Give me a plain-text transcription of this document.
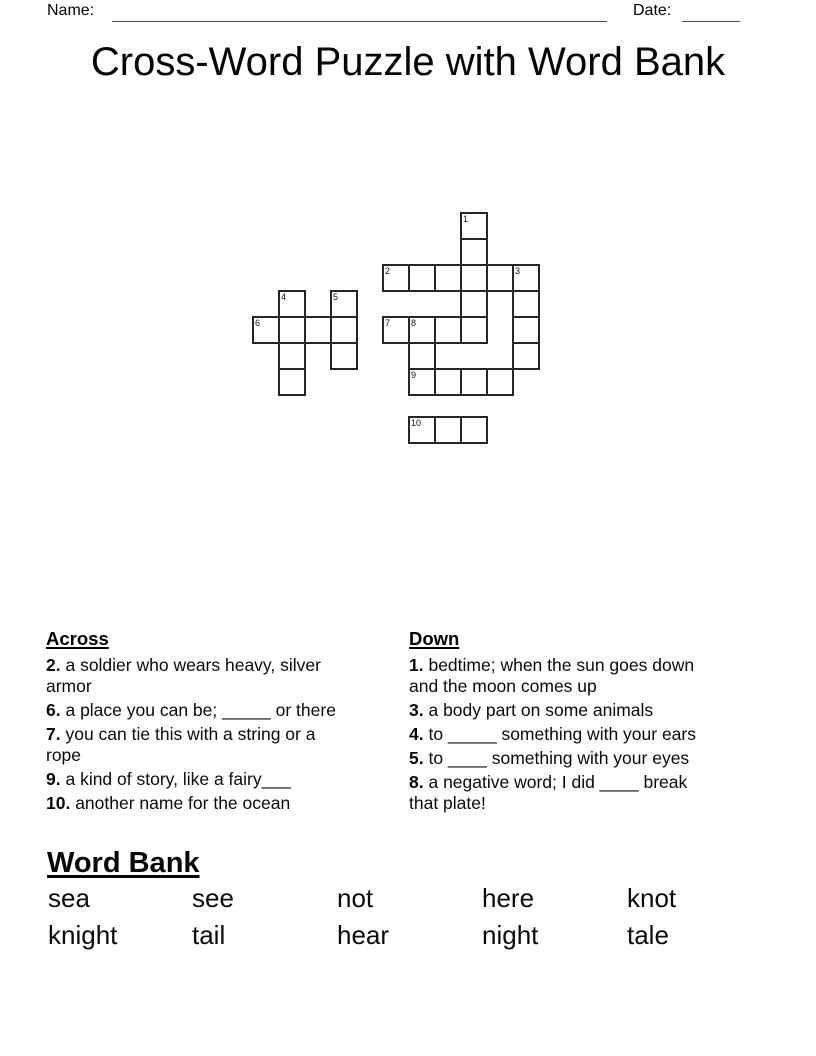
Name:	Date:
Cross-Word Puzzle with Word Bank
1
2	3
4	5
6	7 8
9
10

Across

2. a soldier who wears heavy, silver
armor

6. a place you can be; _____ or there

7. you can tie this with a string or a
rope

9. a kind of story, like a fairy___

10. another name for the ocean

Down

1. bedtime; when the sun goes down
and the moon comes up

3. a body part on some animals

4. to _____ something with your ears

5. to ____ something with your eyes

8. a negative word; I did ____ break
that plate!

Word Bank
sea	see	not	here	knot
knight	tail	hear	night	tale
